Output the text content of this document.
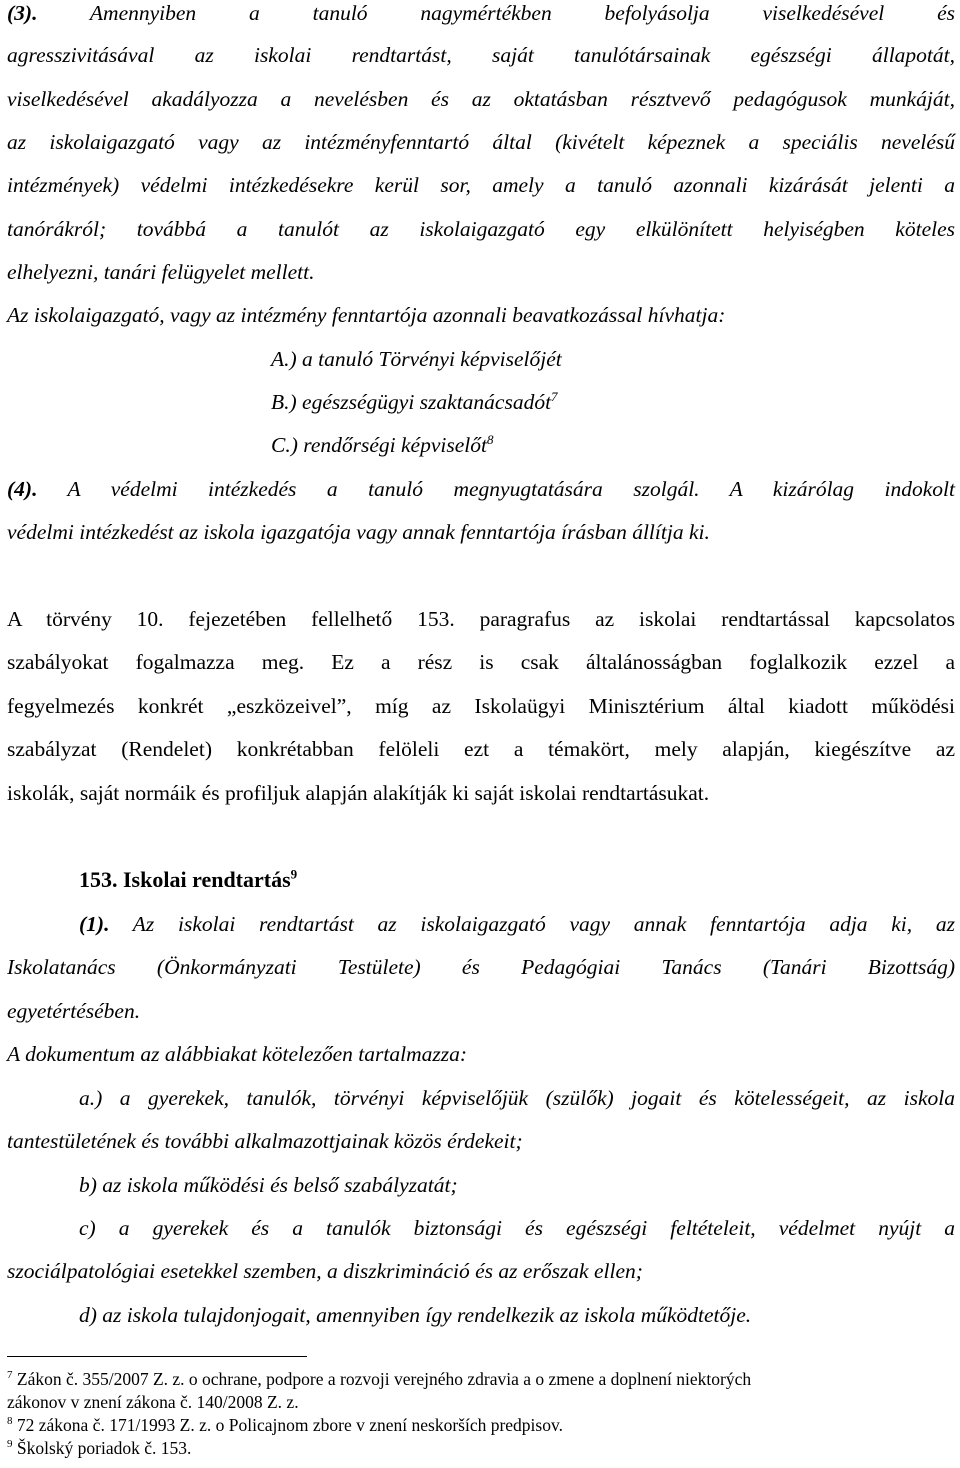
(3). Amennyiben a tanuló nagymértékben befolyásolja viselkedésével és
agresszivitásával az iskolai rendtartást, saját tanulótársainak egészségi állapotát,
viselkedésével akadályozza a nevelésben és az oktatásban résztvevő pedagógusok munkáját,
az iskolaigazgató vagy az intézményfenntartó által (kivételt képeznek a speciális nevelésű
intézmények) védelmi intézkedésekre kerül sor, amely a tanuló azonnali kizárását jelenti a
tanórákról; továbbá a tanulót az iskolaigazgató egy elkülönített helyiségben köteles
elhelyezni, tanári felügyelet mellett.
Az iskolaigazgató, vagy az intézmény fenntartója azonnali beavatkozással hívhatja:
A.) a tanuló Törvényi képviselőjét
B.) egészségügyi szaktanácsadót$^7$
C.) rendőrségi képviselőt$^8$
(4). A védelmi intézkedés a tanuló megnyugtatására szolgál. A kizárólag indokolt
védelmi intézkedést az iskola igazgatója vagy annak fenntartója írásban állítja ki.
A törvény 10. fejezetében fellelhető 153. paragrafus az iskolai rendtartással kapcsolatos
szabályokat fogalmazza meg. Ez a rész is csak általánosságban foglalkozik ezzel a
fegyelmezés konkrét „eszközeivel”, míg az Iskolaügyi Minisztérium által kiadott működési
szabályzat (Rendelet) konkrétabban felöleli ezt a témakört, mely alapján, kiegészítve az
iskolák, saját normáik és profiljuk alapján alakítják ki saját iskolai rendtartásukat.
153. Iskolai rendtartás$^9$
(1). Az iskolai rendtartást az iskolaigazgató vagy annak fenntartója adja ki, az
Iskolatanács (Önkormányzati Testülete) és Pedagógiai Tanács (Tanári Bizottság)
egyetértésében.
A dokumentum az alábbiakat kötelezően tartalmazza:
a.) a gyerekek, tanulók, törvényi képviselőjük (szülők) jogait és kötelességeit, az iskola
tantestületének és további alkalmazottjainak közös érdekeit;
b) az iskola működési és belső szabályzatát;
c) a gyerekek és a tanulók biztonsági és egészségi feltételeit, védelmet nyújt a
szociálpatológiai esetekkel szemben, a diszkrimináció és az erőszak ellen;
d) az iskola tulajdonjogait, amennyiben így rendelkezik az iskola működtetője.
$^7$ Zákon č. 355/2007 Z. z. o ochrane, podpore a rozvoji verejného zdravia a o zmene a doplnení niektorých
zákonov v znení zákona č. 140/2008 Z. z.
$^8$ 72 zákona č. 171/1993 Z. z. o Policajnom zbore v znení neskorších predpisov.
$^9$ Školský poriadok č. 153.
